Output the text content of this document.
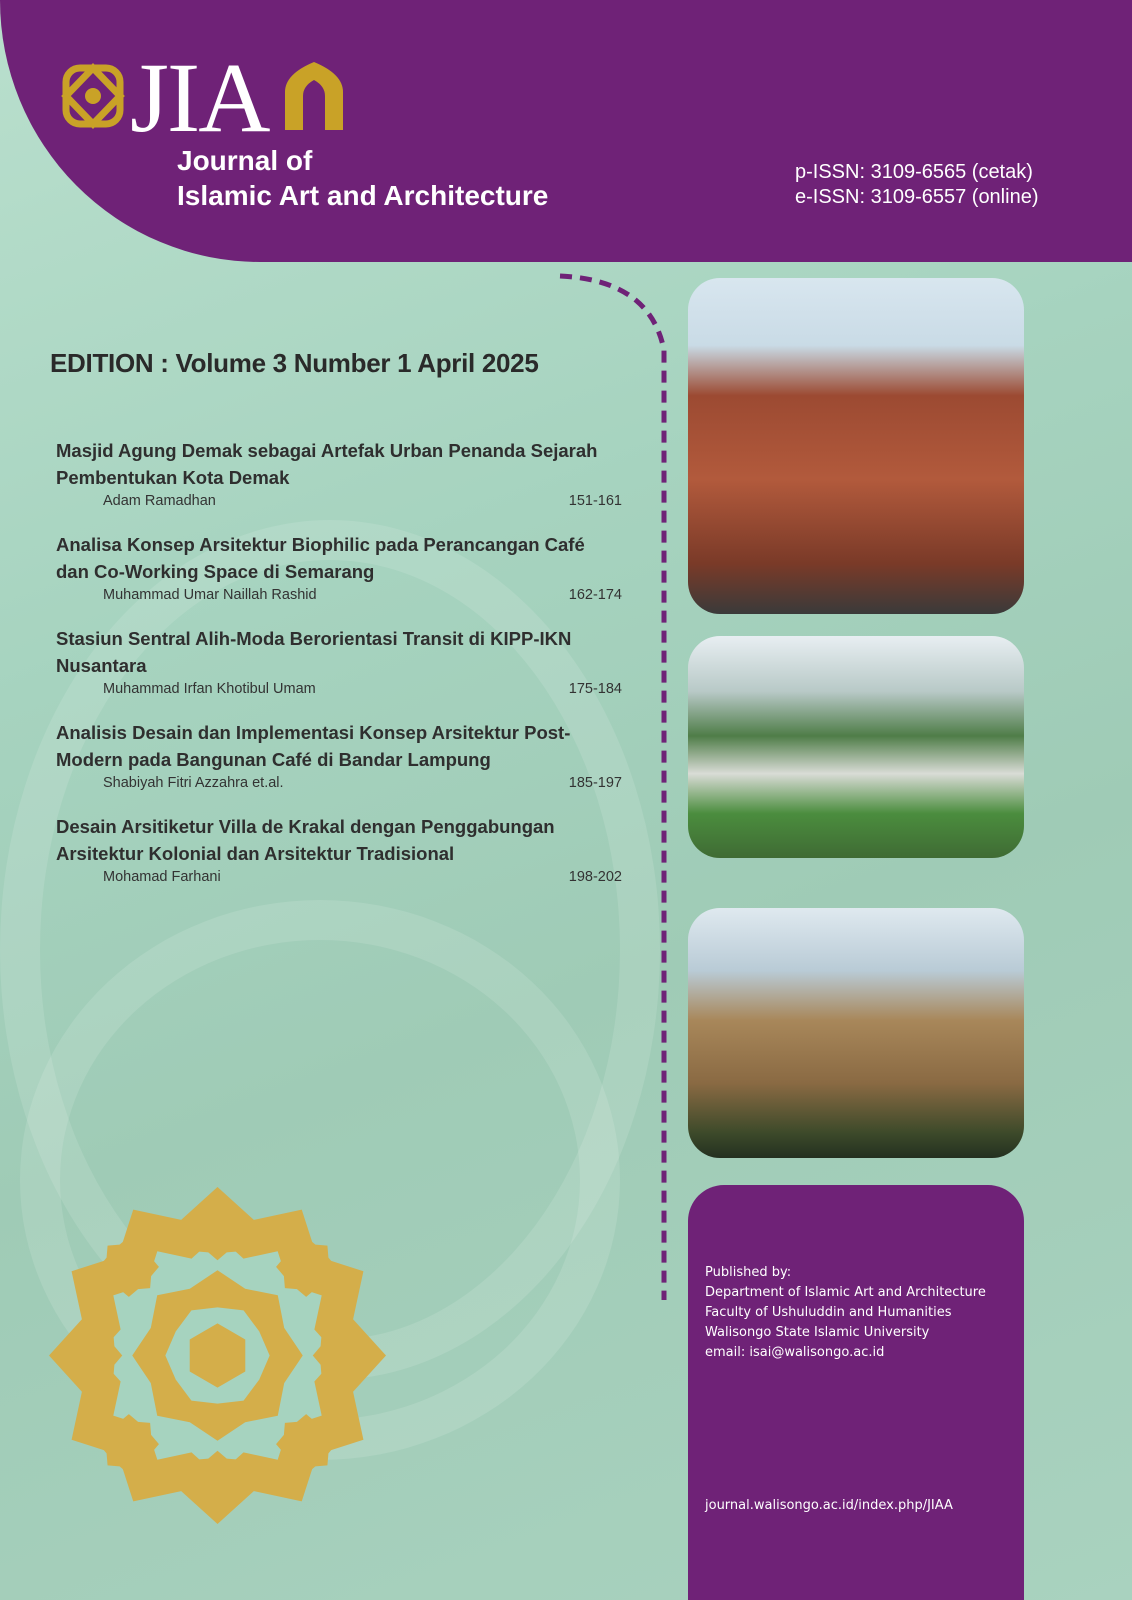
JIA
Journal of
Islamic Art and Architecture
p-ISSN: 3109-6565 (cetak)
e-ISSN: 3109-6557 (online)
EDITION : Volume 3 Number 1 April 2025
Masjid Agung Demak sebagai Artefak Urban Penanda Sejarah Pembentukan Kota Demak
Adam Ramadhan	151-161
Analisa Konsep Arsitektur Biophilic pada Perancangan Café dan Co-Working Space di Semarang
Muhammad Umar Naillah Rashid	162-174
Stasiun Sentral Alih-Moda Berorientasi Transit di KIPP-IKN Nusantara
Muhammad Irfan Khotibul Umam	175-184
Analisis Desain dan Implementasi Konsep Arsitektur Post-Modern pada Bangunan Café di Bandar Lampung
Shabiyah Fitri Azzahra et.al.	185-197
Desain Arsitiketur Villa de Krakal dengan Penggabungan Arsitektur Kolonial dan Arsitektur Tradisional
Mohamad Farhani	198-202
Published by:
Department of Islamic Art and Architecture
Faculty of Ushuluddin and Humanities
Walisongo State Islamic University
email: isai@walisongo.ac.id
journal.walisongo.ac.id/index.php/JIAA
